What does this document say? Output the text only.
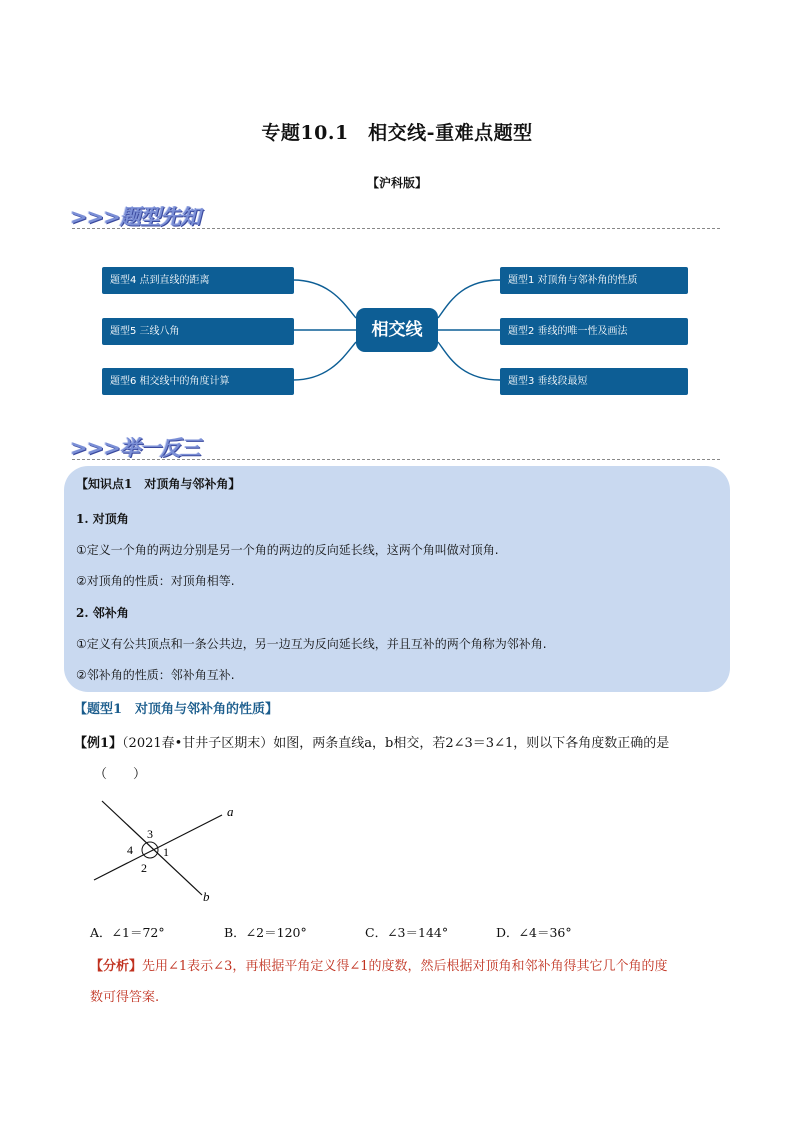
专题10.1　相交线-重难点题型
【沪科版】
>>>题型先知
题型4 点到直线的距离
题型5 三线八角
题型6 相交线中的角度计算
相交线
题型1 对顶角与邻补角的性质
题型2 垂线的唯一性及画法
题型3 垂线段最短
>>>举一反三
【知识点1　对顶角与邻补角】
1. 对顶角
①定义一个角的两边分别是另一个角的两边的反向延长线，这两个角叫做对顶角.
②对顶角的性质：对顶角相等.
2. 邻补角
①定义有公共顶点和一条公共边，另一边互为反向延长线，并且互补的两个角称为邻补角.
②邻补角的性质：邻补角互补.
【题型1　对顶角与邻补角的性质】
【例1】（2021春•甘井子区期末）如图，两条直线a，b相交，若2∠3＝3∠1，则以下各角度数正确的是
（　　）
a
b
1
2
3
4
A．∠1＝72°	B．∠2＝120°	C．∠3＝144°	D．∠4＝36°
【分析】先用∠1表示∠3，再根据平角定义得∠1的度数，然后根据对顶角和邻补角得其它几个角的度
数可得答案.
